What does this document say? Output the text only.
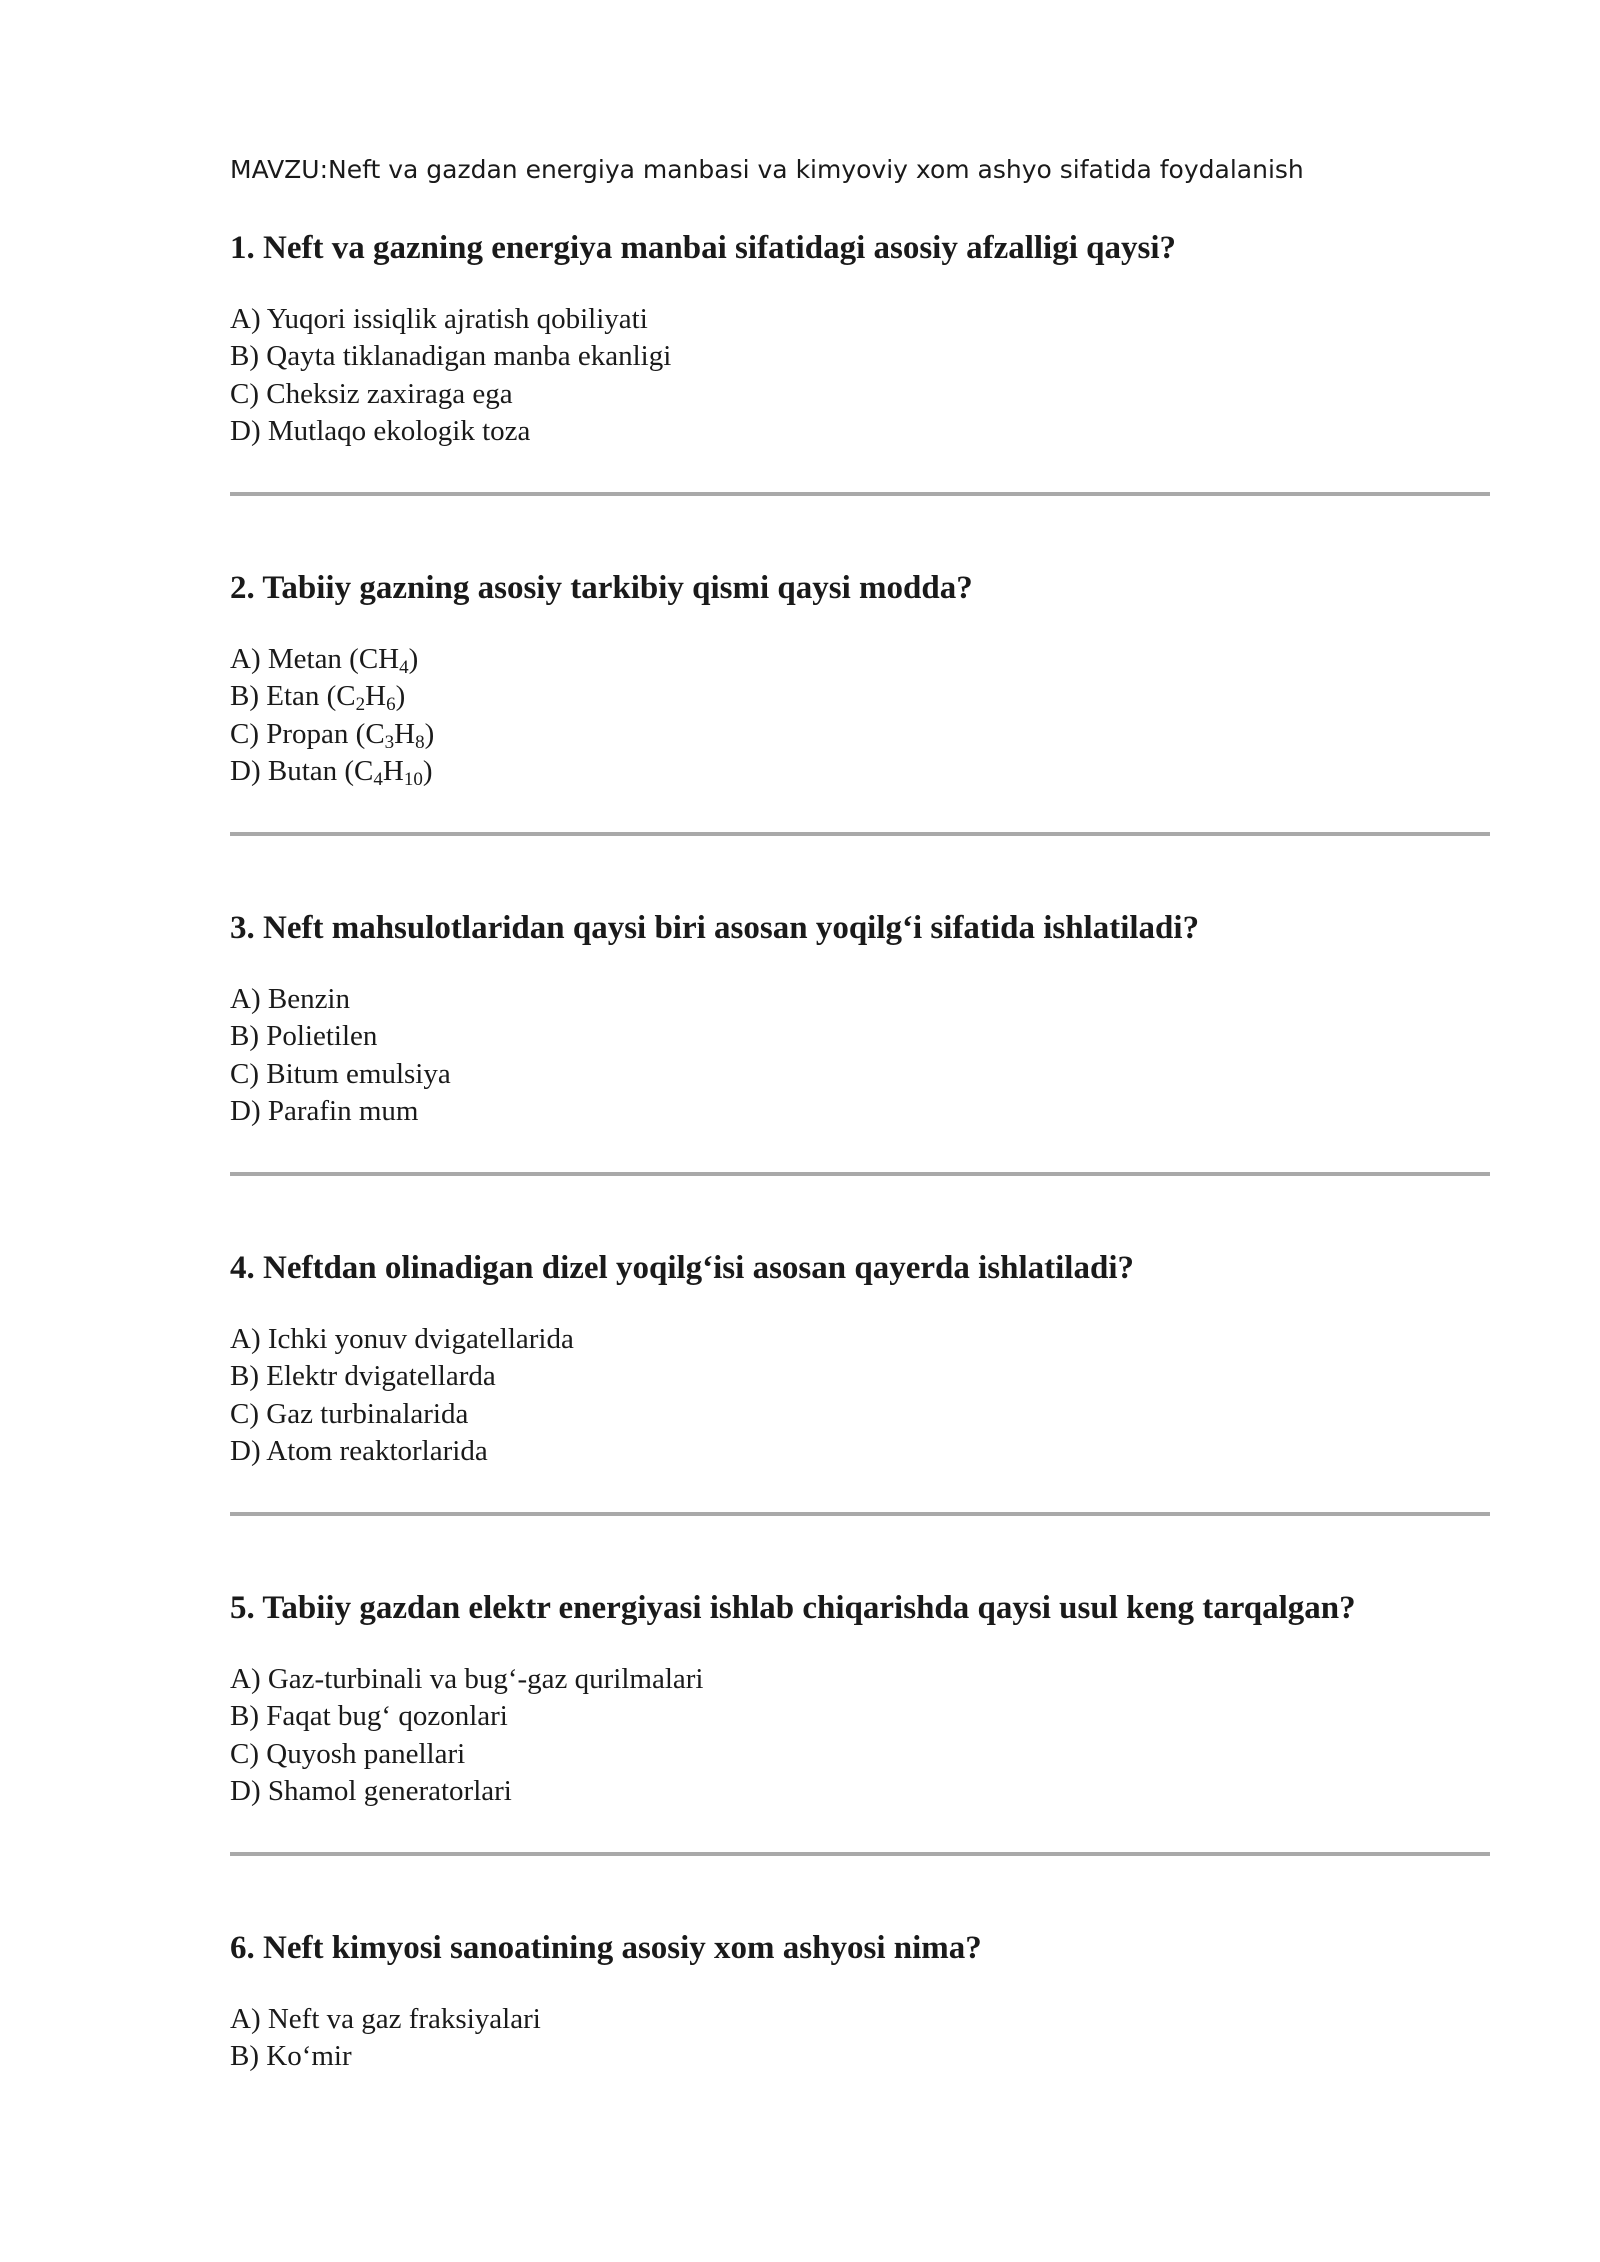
MAVZU:Neft va gazdan energiya manbasi va kimyoviy xom ashyo sifatida foydalanish

1. Neft va gazning energiya manbai sifatidagi asosiy afzalligi qaysi?

A) Yuqori issiqlik ajratish qobiliyati
B) Qayta tiklanadigan manba ekanligi
C) Cheksiz zaxiraga ega
D) Mutlaqo ekologik toza

2. Tabiiy gazning asosiy tarkibiy qismi qaysi modda?

A) Metan $(CH_4)$
B) Etan $(C_2H_6)$
C) Propan $(C_3H_8)$
D) Butan $(C_4H_{10})$

3. Neft mahsulotlaridan qaysi biri asosan yoqilg‘i sifatida ishlatiladi?

A) Benzin
B) Polietilen
C) Bitum emulsiya
D) Parafin mum

4. Neftdan olinadigan dizel yoqilg‘isi asosan qayerda ishlatiladi?

A) Ichki yonuv dvigatellarida
B) Elektr dvigatellarda
C) Gaz turbinalarida
D) Atom reaktorlarida

5. Tabiiy gazdan elektr energiyasi ishlab chiqarishda qaysi usul keng tarqalgan?

A) Gaz-turbinali va bug‘-gaz qurilmalari
B) Faqat bug‘ qozonlari
C) Quyosh panellari
D) Shamol generatorlari

6. Neft kimyosi sanoatining asosiy xom ashyosi nima?

A) Neft va gaz fraksiyalari
B) Ko‘mir
